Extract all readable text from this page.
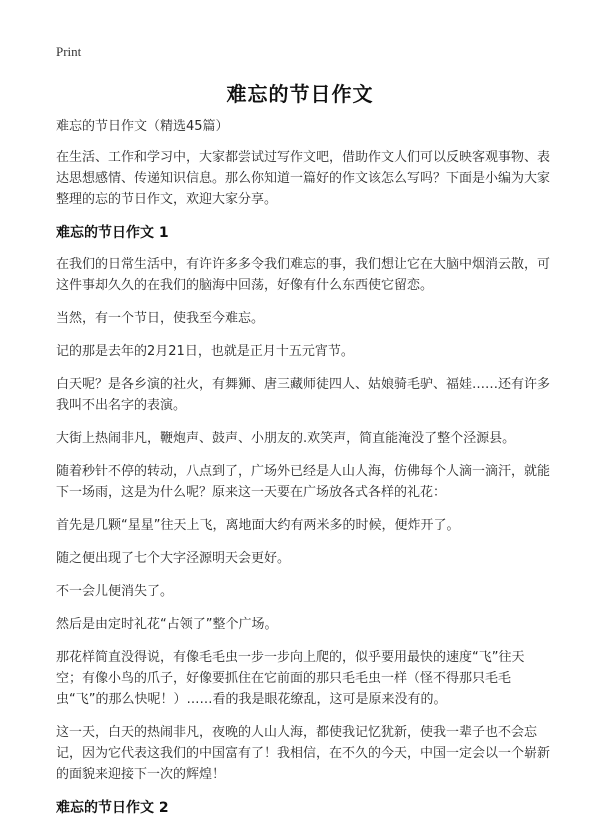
Print
难忘的节日作文

难忘的节日作文（精选45篇）

在生活、工作和学习中，大家都尝试过写作文吧，借助作文人们可以反映客观事物、表达思想感情、传递知识信息。那么你知道一篇好的作文该怎么写吗？下面是小编为大家整理的忘的节日作文，欢迎大家分享。

难忘的节日作文 1

在我们的日常生活中，有许许多多令我们难忘的事，我们想让它在大脑中烟消云散，可这件事却久久的在我们的脑海中回荡，好像有什么东西使它留恋。

当然，有一个节日，使我至今难忘。

记的那是去年的2月21日，也就是正月十五元宵节。

白天呢？是各乡演的社火，有舞狮、唐三藏师徒四人、姑娘骑毛驴、福娃……还有许多我叫不出名字的表演。

大街上热闹非凡，鞭炮声、鼓声、小朋友的.欢笑声，简直能淹没了整个泾源县。

随着秒针不停的转动，八点到了，广场外已经是人山人海，仿佛每个人滴一滴汗，就能下一场雨，这是为什么呢？原来这一天要在广场放各式各样的礼花：

首先是几颗“星星”往天上飞，离地面大约有两米多的时候，便炸开了。

随之便出现了七个大字泾源明天会更好。

不一会儿便消失了。

然后是由定时礼花“占领了”整个广场。

那花样简直没得说，有像毛毛虫一步一步向上爬的，似乎要用最快的速度“飞”往天空；有像小鸟的爪子，好像要抓住在它前面的那只毛毛虫一样（怪不得那只毛毛虫“飞”的那么快呢！）……看的我是眼花缭乱，这可是原来没有的。

这一天，白天的热闹非凡，夜晚的人山人海，都使我记忆犹新，使我一辈子也不会忘记，因为它代表这我们的中国富有了！我相信，在不久的今天，中国一定会以一个崭新的面貌来迎接下一次的辉煌！

难忘的节日作文 2
